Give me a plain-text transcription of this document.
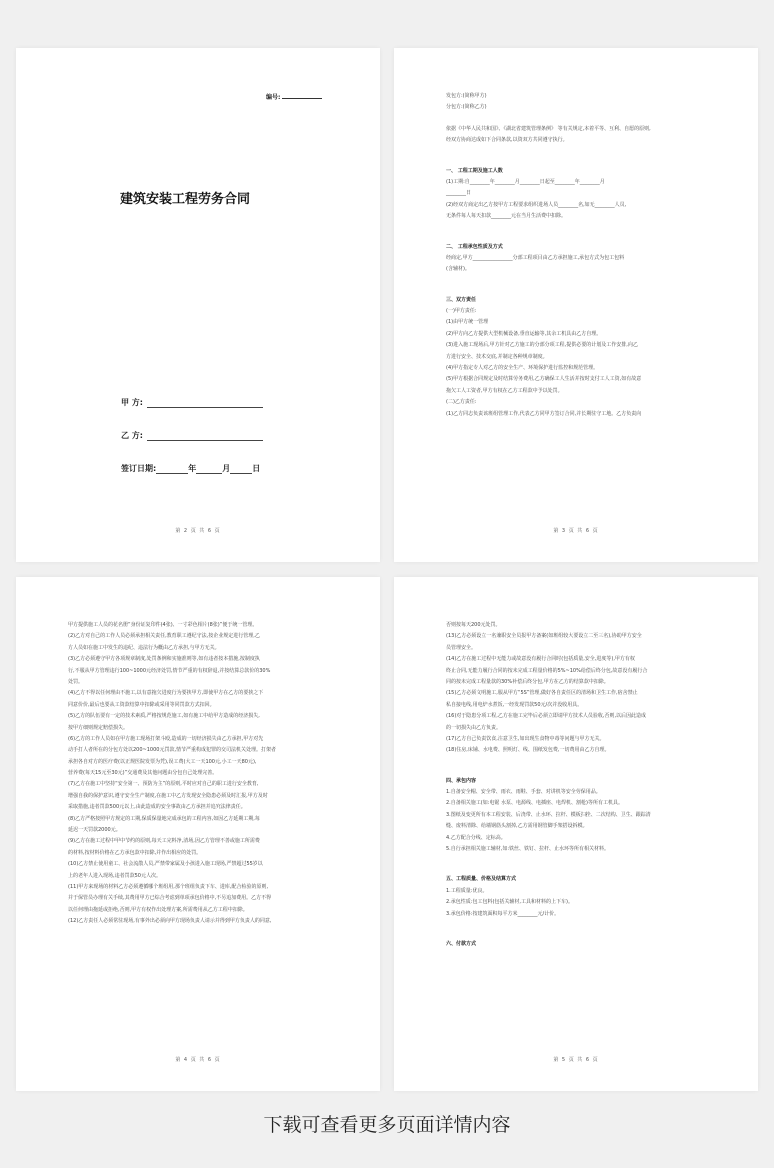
编号:
建筑安装工程劳务合同
甲 方:
乙 方:
签订日期:	年	月	日
第 2 页 共 6 页

发包方:(简称甲方)

分包方:(简称乙方)

依据《中华人民共和国》、《湖北省建筑管理条例》 等有关规定,本着平等、互利、自愿的原则,

经双方协商达成如下合同条款,以资双方共同遵守执行。

一、 工程工期及施工人数

(1)工期:自________年________月________日起至________年________月

________日

(2)经双方商定出乙方按甲方工程要求组织进场人员________名,如无________人员,

无条件每人每天扣款________元在当月生活费中扣除。

二、 工程承包性质及方式

经商定,甲方________________分部工程项目由乙方承担施工,承包方式为包工包料

(含辅材)。

三、双方责任

(一)甲方责任:

(1)由甲方统一管理

(2)甲方向乙方提供大型机械设备,垂直运输等,其余工机具由乙方自理。

(3)进入施工现场后,甲方针对乙方施工的分部分项工程,提供必要的计划及工作安排,向乙

方进行安全、技术交底,并制定各种规章制度。

(4)甲方指定专人对乙方的安全生产、环境保护进行监控和规范管理。

(5)甲方根据合同规定及时结算劳务费用,乙方确保工人生活并按时支付工人工资,如有故意

拖欠工人工资者,甲方有权在乙方工程款中予以处罚。

(二)乙方责任:

(1)乙方同志负责该班组管理工作,代表乙方同甲方签订合同,并长期驻守工地。乙方负责向

第 3 页 共 6 页

甲方提供施工人员的花名册“身份证复印件(4张)、一寸彩色相片(8张)”便于统一管理。

(2)乙方对自己的工作人员必须承担相关责任,教育职工遵纪守法,按企业规定进行管理,乙

方人员如在施工中发生的违纪、违法行为概由乙方承担,与甲方无关。

(3)乙方必须遵守甲方各项规章制度,处罚条例和实施准则等,如有违者按本措施,按制度执

行,不服从甲方管理违行100~1000元经济处罚,情节严重的有权辞退,并按结算总款价的30%

处罚。

(4)乙方不得以任何理由不施工,以有意拖欠进度行为要挟甲方,即使甲方在乙方的要挟之下

同意价价,最后也要从工资款结算中扣除或采用等同罚款方式扣回。

(5)乙方的队伍要有一定的技术素质,严格按规范施工,如有施工中给甲方造成的经济损失,

按甲方细则规定赔偿损失。

(6)乙方的工作人员如在甲方施工现场打架斗殴,造成的一切经济损失由乙方承担,甲方对先

动手打人者所在的分包方处以200~1000元罚款,情节严重构成犯罪的交司法机关处理。打架者

承担各自对方的医疗费(以正规医院发票为凭),误工费(大工一天100元,小工一天80元),

营养费(每天15元至30元)”交通费及其他问题由分包自己处理完善。

(7)乙方在施工中坚持“安全第一、预防为主”的原则,平时应对自己的职工进行安全教育,

增强自我的保护意识,遵守安全生产制度,在施工中乙方发现安全隐患必须及时汇报,甲方及时

采取措施,违者罚款500元以上,由此造成的安全事故由乙方承担并追究法律责任。

(8)乙方严格按照甲方规定的工期,保质保量地完成承包的工程内容,如因乙方延期工期,每

延迟一天罚款2000元。

(9)乙方在施工过程中甲中节约的原则,每天工完料净,清场,因乙方管理不善或施工所需费

的材料,按材料价格在乙方承包款中扣除,并作出相应的处罚。

(10)乙方禁止使用童工、社会流散人员,严禁带家属及小孩进入施工现场,严禁超过55岁以

上的老年人进入现场,违者罚款50元人次。

(11)甲方来现场的材料乙方必须遵循哪个班组用,那个班组负责下车、进库,配合检验的原则,

并于保管员办理有关手续,其费用甲方已综合考虑到单项承包价格中,不另追加费用。乙方不得

以任何理由拖延或拒绝,否则,甲方有权作出处理方案,所需费用从乙方工程中扣除。

(12)乙方责任人必须常驻现场,有事外出必须向甲方现场负责人请示并得到甲方负责人的同意,

第 4 页 共 6 页

否则按每天200元处罚。

(13)乙方必须设立一名兼职安全员报甲方备案(如班组较大要设立二至三名),协助甲方安全

员管理安全。

(14)乙方在施工过程中无能力或故意没有履行合同时(包括质量,安全,进度等),甲方有权

终止合同,无能力履行合同的按未完成工程量价格的5%~10%给偿后终分包,故意没有履行合

同的按未完成工程量款的30%补偿后终分包,甲方在乙方的结算款中扣除。

(15)乙方必须文明施工,服从甲方“5S”管理,做好各自责任区的清场和卫生工作,宿舍禁止

私自接电线,用电炉水煮饭,一经发现罚款50元/次并没收用具。

(16)对于隐患分项工程,乙方在施工完毕后必须立即请甲方技术人员验收,否则,以后因此造成

的一切损失由乙方负责。

(17)乙方自己负责饮食,注意卫生,如出现生食物中毒等问题与甲方无关。

(18)住房,床铺、水电费、照明灯、线、围纸发包费,一切费用由乙方自理。

四、承包内容

1.自备安全帽、安全带、雨衣、雨鞋、手套、对讲机等安全劳保用品。

2.自备相关施工(如:电锯 水泵、电源线、电插座、电焊机、割枪)等所有工机具。

3.图纸及变更所有本工程安装、后浇带、止水环、拉杆、模板扫拴、二次结构、卫生、跟踪清

缝、废料清除、给墙钢筋头割掉,乙方需用钢管脚手架搭设拆模。

4.乙方配合分线、定标高。

5.自行承担相关施工辅材,如:铁丝、铁钉、拉杆、止水环等所有相关材料。

五、工程质量、价格及结算方式

1.工程质量:优良。

2.承包性质:包工包料(包括关辅材,工具和材料的上下车)。

3.承包价格:按建筑面积每平方米________元/计价。

六、付款方式

第 5 页 共 6 页
下载可查看更多页面详情内容
